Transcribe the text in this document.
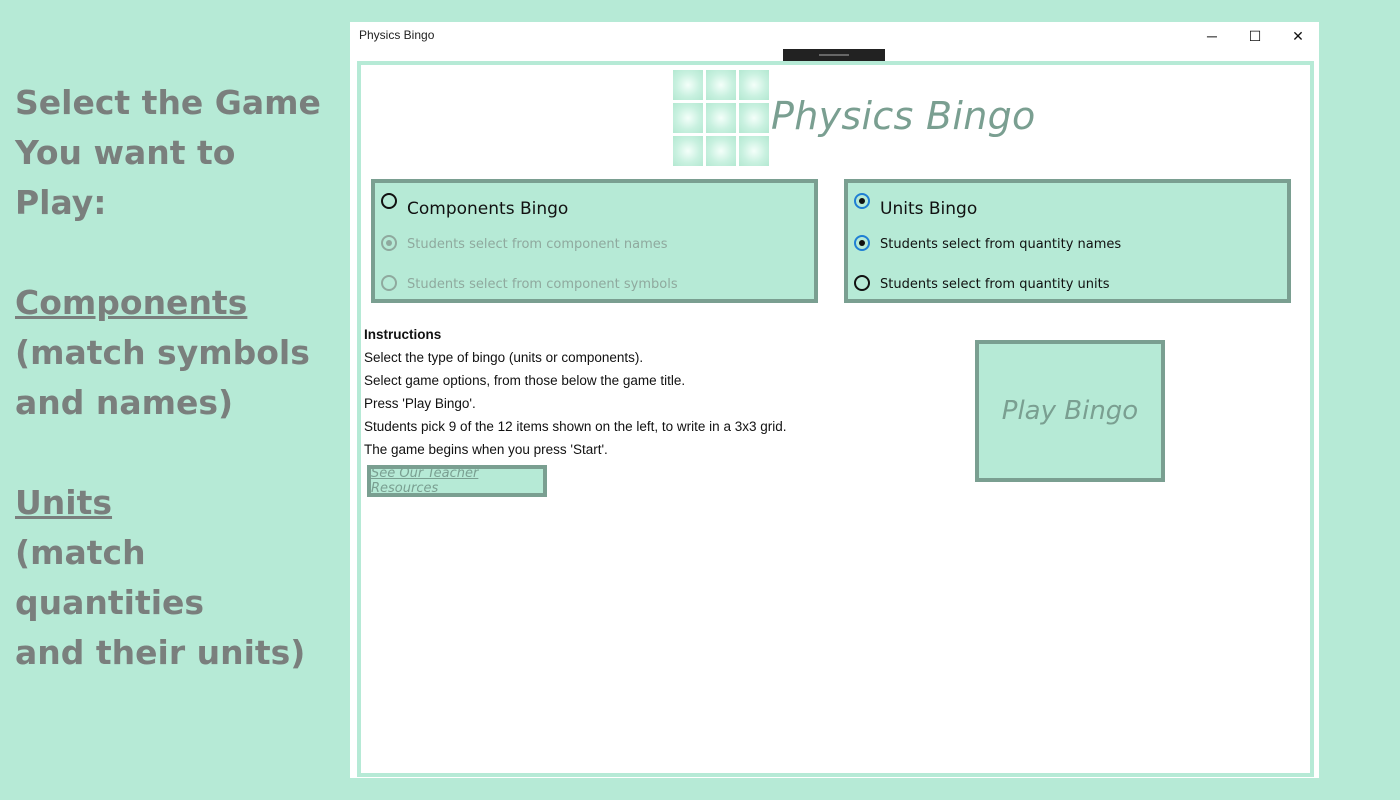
Select the Game
You want to Play:
Components
(match symbols
and names)
Units
(match quantities
and their units)
Physics Bingo	─ ☐ ✕
Physics Bingo
Components Bingo
Students select from component names
Students select from component symbols
Units Bingo
Students select from quantity names
Students select from quantity units
Instructions
Select the type of bingo (units or components).
Select game options, from those below the game title.
Press 'Play Bingo'.
Students pick 9 of the 12 items shown on the left, to write in a 3x3 grid.
The game begins when you press 'Start'.
See Our Teacher Resources
Play Bingo
